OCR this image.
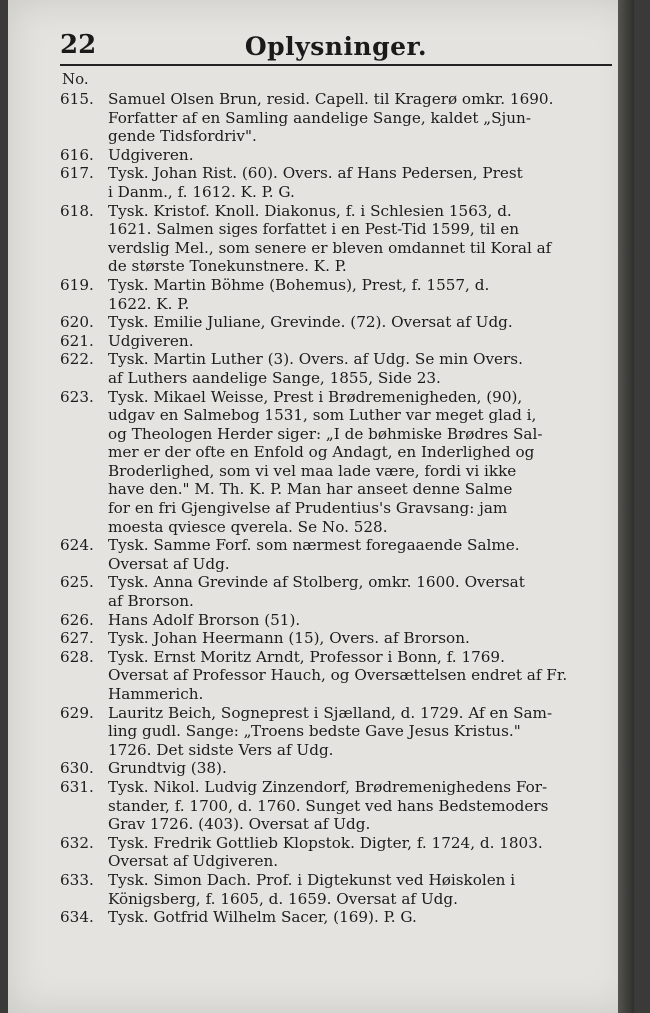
22	Oplysninger.
No.
615. Samuel Olsen Brun, resid. Capell. til Kragerø omkr. 1690.
Forfatter af en Samling aandelige Sange, kaldet „Sjun-
gende Tidsfordriv".
616. Udgiveren.
617. Tysk. Johan Rist. (60). Overs. af Hans Pedersen, Prest
i Danm., f. 1612. K. P. G.
618. Tysk. Kristof. Knoll. Diakonus, f. i Schlesien 1563, d.
1621. Salmen siges forfattet i en Pest-Tid 1599, til en
verdslig Mel., som senere er bleven omdannet til Koral af
de største Tonekunstnere. K. P.
619. Tysk. Martin Böhme (Bohemus), Prest, f. 1557, d.
1622. K. P.
620. Tysk. Emilie Juliane, Grevinde. (72). Oversat af Udg.
621. Udgiveren.
622. Tysk. Martin Luther (3). Overs. af Udg. Se min Overs.
af Luthers aandelige Sange, 1855, Side 23.
623. Tysk. Mikael Weisse, Prest i Brødremenigheden, (90),
udgav en Salmebog 1531, som Luther var meget glad i,
og Theologen Herder siger: „I de bøhmiske Brødres Sal-
mer er der ofte en Enfold og Andagt, en Inderlighed og
Broderlighed, som vi vel maa lade være, fordi vi ikke
have den." M. Th. K. P. Man har anseet denne Salme
for en fri Gjengivelse af Prudentius's Gravsang: jam
moesta qviesce qverela. Se No. 528.
624. Tysk. Samme Forf. som nærmest foregaaende Salme.
Oversat af Udg.
625. Tysk. Anna Grevinde af Stolberg, omkr. 1600. Oversat
af Brorson.
626. Hans Adolf Brorson (51).
627. Tysk. Johan Heermann (15), Overs. af Brorson.
628. Tysk. Ernst Moritz Arndt, Professor i Bonn, f. 1769.
Oversat af Professor Hauch, og Oversættelsen endret af Fr.
Hammerich.
629. Lauritz Beich, Sogneprest i Sjælland, d. 1729. Af en Sam-
ling gudl. Sange: „Troens bedste Gave Jesus Kristus."
1726. Det sidste Vers af Udg.
630. Grundtvig (38).
631. Tysk. Nikol. Ludvig Zinzendorf, Brødremenighedens For-
stander, f. 1700, d. 1760. Sunget ved hans Bedstemoders
Grav 1726. (403). Oversat af Udg.
632. Tysk. Fredrik Gottlieb Klopstok. Digter, f. 1724, d. 1803.
Oversat af Udgiveren.
633. Tysk. Simon Dach. Prof. i Digtekunst ved Høiskolen i
Königsberg, f. 1605, d. 1659. Oversat af Udg.
634. Tysk. Gotfrid Wilhelm Sacer, (169). P. G.
